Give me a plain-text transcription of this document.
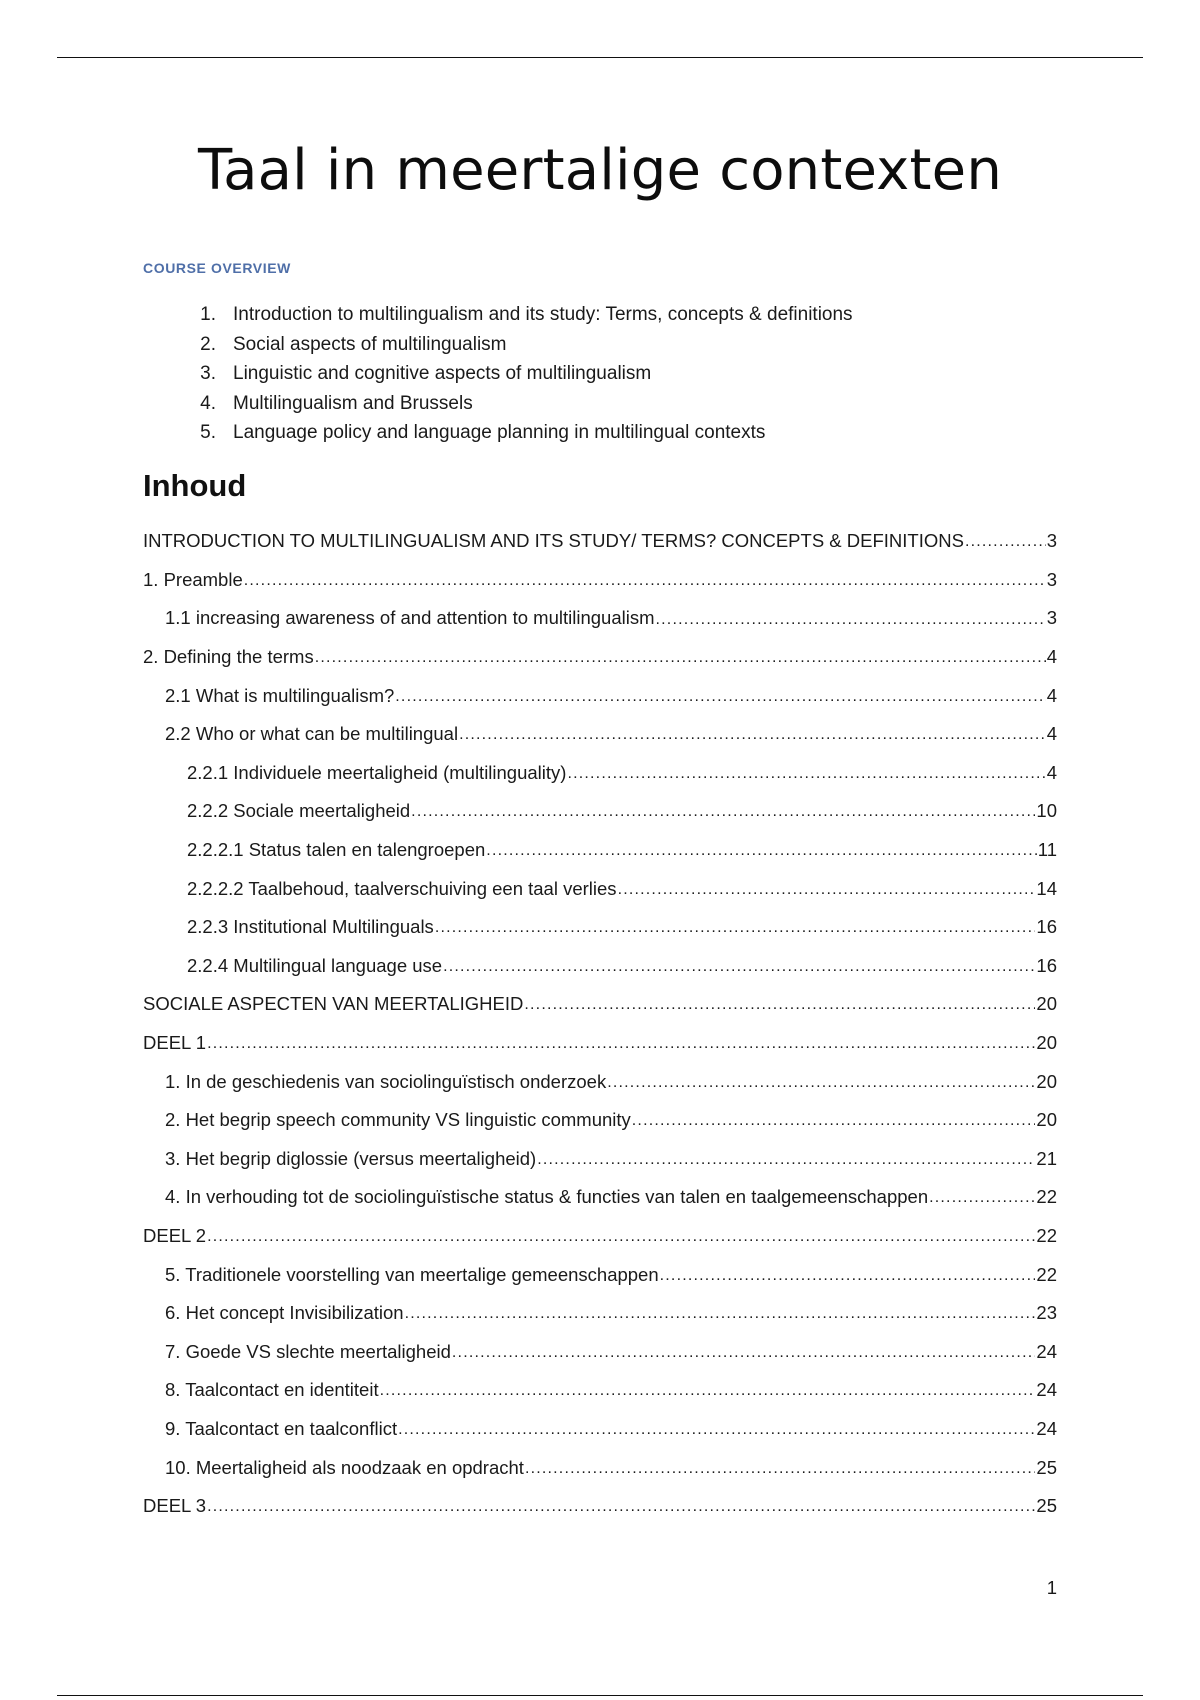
Taal in meertalige contexten

COURSE OVERVIEW

1. Introduction to multilingualism and its study: Terms, concepts & definitions
2. Social aspects of multilingualism
3. Linguistic and cognitive aspects of multilingualism
4. Multilingualism and Brussels
5. Language policy and language planning in multilingual contexts
Inhoud
INTRODUCTION TO MULTILINGUALISM AND ITS STUDY/ TERMS? CONCEPTS & DEFINITIONS .....	3
1. Preamble .....	3
1.1 increasing awareness of and attention to multilingualism .....	3
2. Defining the terms .....	4
2.1 What is multilingualism? .....	4
2.2 Who or what can be multilingual .....	4
2.2.1 Individuele meertaligheid (multilinguality) .....	4
2.2.2 Sociale meertaligheid .....	10
2.2.2.1 Status talen en talengroepen .....	11
2.2.2.2 Taalbehoud, taalverschuiving een taal verlies .....	14
2.2.3 Institutional Multilinguals .....	16
2.2.4 Multilingual language use .....	16
SOCIALE ASPECTEN VAN MEERTALIGHEID .....	20
DEEL 1 .....	20
1. In de geschiedenis van sociolinguïstisch onderzoek .....	20
2. Het begrip speech community VS linguistic community .....	20
3. Het begrip diglossie (versus meertaligheid) .....	21
4. In verhouding tot de sociolinguïstische status & functies van talen en taalgemeenschappen .....	22
DEEL 2 .....	22
5. Traditionele voorstelling van meertalige gemeenschappen .....	22
6. Het concept Invisibilization .....	23
7. Goede VS slechte meertaligheid .....	24
8. Taalcontact en identiteit .....	24
9. Taalcontact en taalconflict .....	24
10. Meertaligheid als noodzaak en opdracht .....	25
DEEL 3 .....	25

1
